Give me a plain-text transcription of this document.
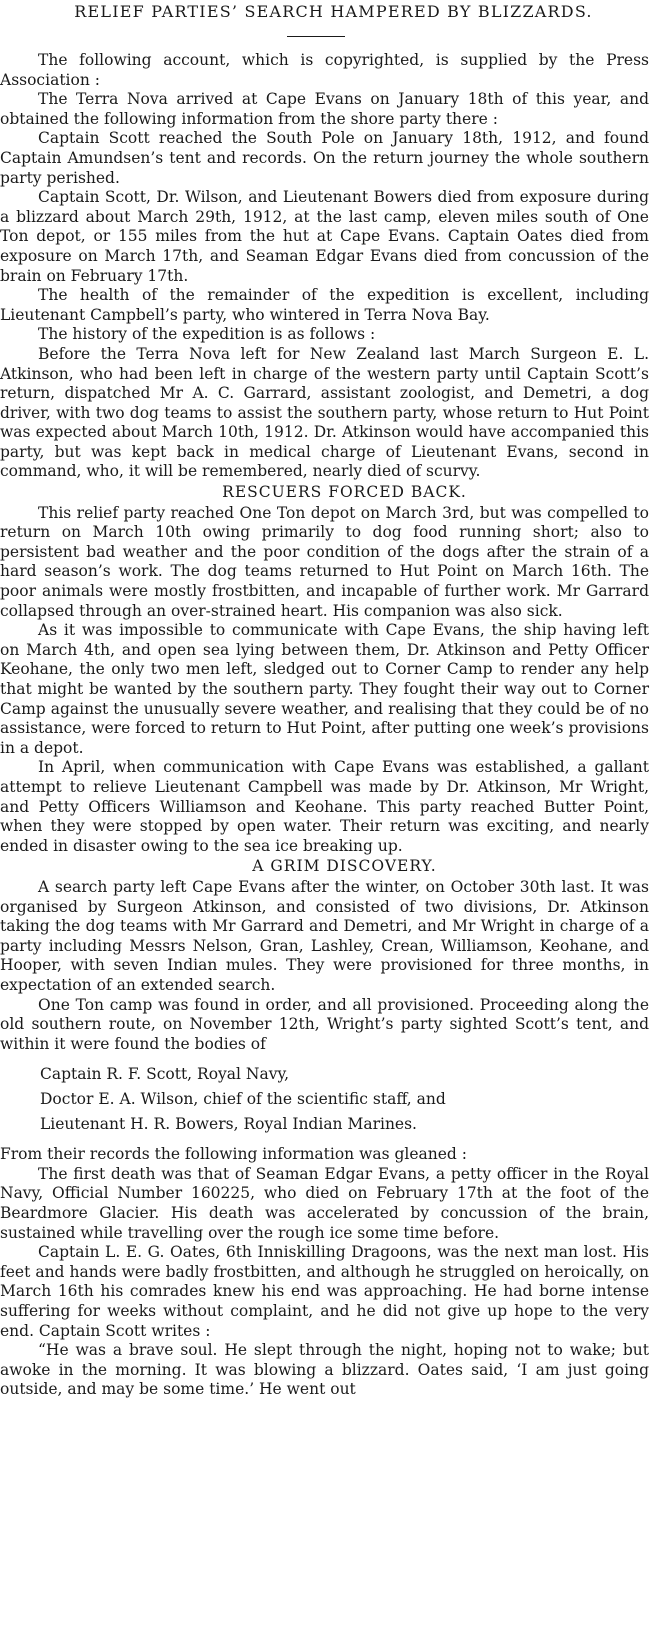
RELIEF PARTIES’ SEARCH HAMPERED BY BLIZZARDS.

The following account, which is copyrighted, is supplied by the Press Association :

The Terra Nova arrived at Cape Evans on January 18th of this year, and obtained the following information from the shore party there :

Captain Scott reached the South Pole on January 18th, 1912, and found Captain Amundsen’s tent and records. On the return journey the whole southern party perished.

Captain Scott, Dr. Wilson, and Lieutenant Bowers died from exposure during a blizzard about March 29th, 1912, at the last camp, eleven miles south of One Ton depot, or 155 miles from the hut at Cape Evans. Captain Oates died from exposure on March 17th, and Seaman Edgar Evans died from concussion of the brain on February 17th.

The health of the remainder of the expedition is excellent, including Lieutenant Campbell’s party, who wintered in Terra Nova Bay.

The history of the expedition is as follows :

Before the Terra Nova left for New Zealand last March Surgeon E. L. Atkinson, who had been left in charge of the western party until Captain Scott’s return, dispatched Mr A. C. Garrard, assistant zoologist, and Demetri, a dog driver, with two dog teams to assist the southern party, whose return to Hut Point was expected about March 10th, 1912. Dr. Atkinson would have accompanied this party, but was kept back in medical charge of Lieutenant Evans, second in command, who, it will be remembered, nearly died of scurvy.

RESCUERS FORCED BACK.

This relief party reached One Ton depot on March 3rd, but was compelled to return on March 10th owing primarily to dog food running short; also to persistent bad weather and the poor condition of the dogs after the strain of a hard season’s work. The dog teams returned to Hut Point on March 16th. The poor animals were mostly frostbitten, and incapable of further work. Mr Garrard collapsed through an over-strained heart. His companion was also sick.

As it was impossible to communicate with Cape Evans, the ship having left on March 4th, and open sea lying between them, Dr. Atkinson and Petty Officer Keohane, the only two men left, sledged out to Corner Camp to render any help that might be wanted by the southern party. They fought their way out to Corner Camp against the unusually severe weather, and realising that they could be of no assistance, were forced to return to Hut Point, after putting one week’s provisions in a depot.

In April, when communication with Cape Evans was established, a gallant attempt to relieve Lieutenant Campbell was made by Dr. Atkinson, Mr Wright, and Petty Officers Williamson and Keohane. This party reached Butter Point, when they were stopped by open water. Their return was exciting, and nearly ended in disaster owing to the sea ice breaking up.

A GRIM DISCOVERY.

A search party left Cape Evans after the winter, on October 30th last. It was organised by Surgeon Atkinson, and consisted of two divisions, Dr. Atkinson taking the dog teams with Mr Garrard and Demetri, and Mr Wright in charge of a party including Messrs Nelson, Gran, Lashley, Crean, Williamson, Keohane, and Hooper, with seven Indian mules. They were provisioned for three months, in expectation of an extended search.

One Ton camp was found in order, and all provisioned. Proceeding along the old southern route, on November 12th, Wright’s party sighted Scott’s tent, and within it were found the bodies of

Captain R. F. Scott, Royal Navy,
Doctor E. A. Wilson, chief of the scientific staff, and
Lieutenant H. R. Bowers, Royal Indian Marines.

From their records the following information was gleaned :

The first death was that of Seaman Edgar Evans, a petty officer in the Royal Navy, Official Number 160225, who died on February 17th at the foot of the Beardmore Glacier. His death was accelerated by concussion of the brain, sustained while travelling over the rough ice some time before.

Captain L. E. G. Oates, 6th Inniskilling Dragoons, was the next man lost. His feet and hands were badly frostbitten, and although he struggled on heroically, on March 16th his comrades knew his end was approaching. He had borne intense suffering for weeks without complaint, and he did not give up hope to the very end. Captain Scott writes :

“He was a brave soul. He slept through the night, hoping not to wake; but awoke in the morning. It was blowing a blizzard. Oates said, ‘I am just going outside, and may be some time.’ He went out
